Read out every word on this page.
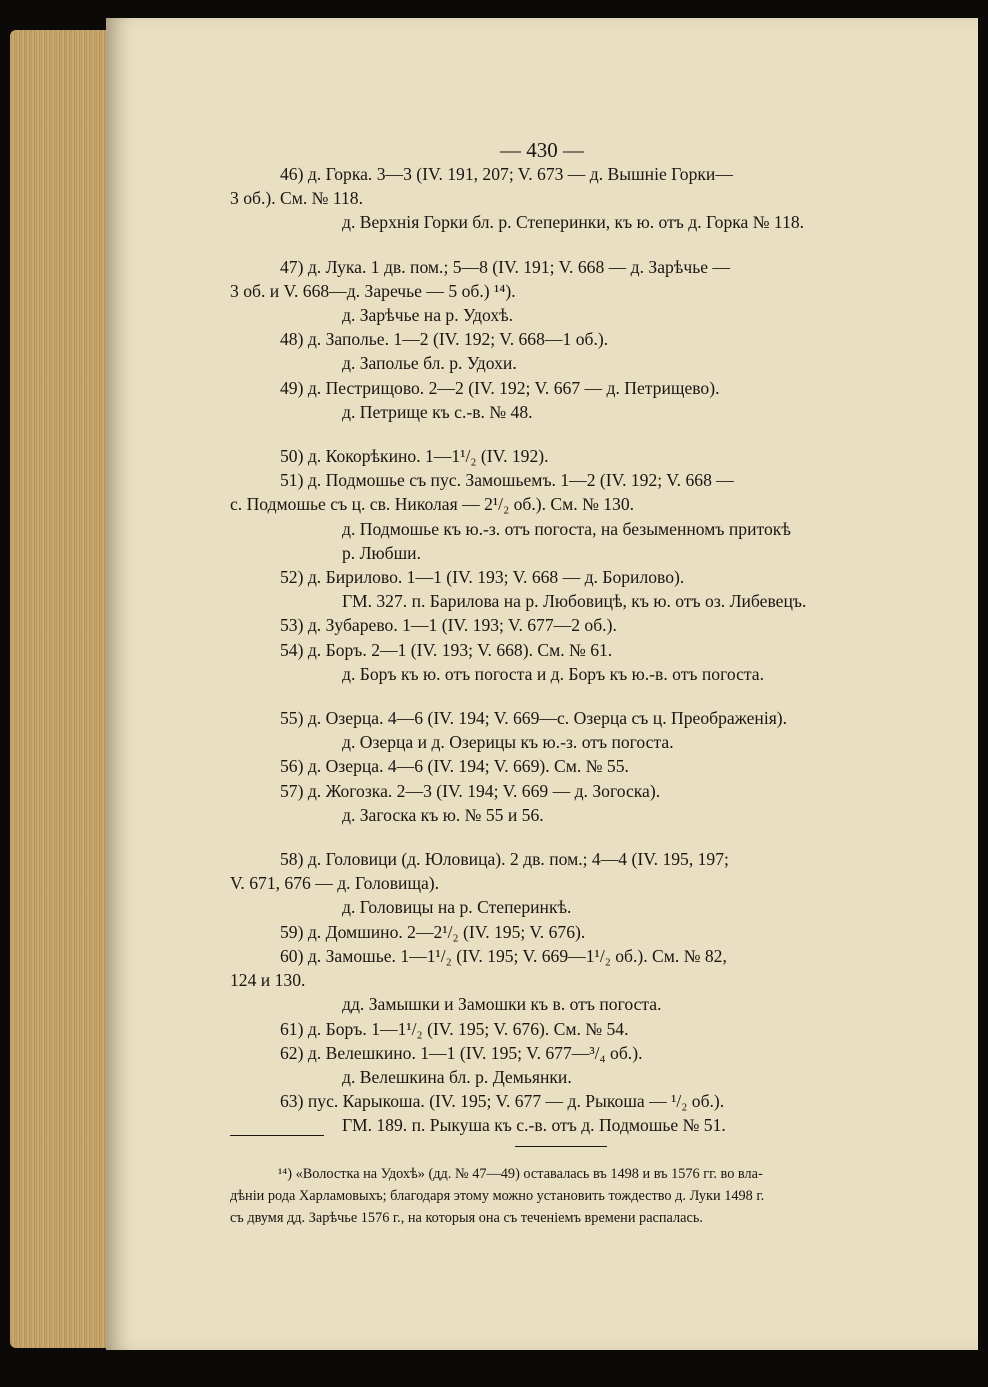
— 430 —
46) д. Горка. 3—3 (IV. 191, 207; V. 673 — д. Вышніе Горки—
3 об.). См. № 118.
д. Верхнія Горки бл. р. Степеринки, къ ю. отъ д. Горка № 118.
47) д. Лука. 1 дв. пом.; 5—8 (IV. 191; V. 668 — д. Зарѣчье —
3 об. и V. 668—д. Заречье — 5 об.) ¹⁴).
д. Зарѣчье на р. Удохѣ.
48) д. Заполье. 1—2 (IV. 192; V. 668—1 об.).
д. Заполье бл. р. Удохи.
49) д. Пестрищово. 2—2 (IV. 192; V. 667 — д. Петрищево).
д. Петрище къ с.-в. № 48.
50) д. Кокорѣкино. 1—1¹/₂ (IV. 192).
51) д. Подмошье съ пус. Замошьемъ. 1—2 (IV. 192; V. 668 —
с. Подмошье съ ц. св. Николая — 2¹/₂ об.). См. № 130.
д. Подмошье къ ю.-з. отъ погоста, на безыменномъ притокѣ
р. Любши.
52) д. Бирилово. 1—1 (IV. 193; V. 668 — д. Борилово).
ГМ. 327. п. Барилова на р. Любовицѣ, къ ю. отъ оз. Либевецъ.
53) д. Зубарево. 1—1 (IV. 193; V. 677—2 об.).
54) д. Боръ. 2—1 (IV. 193; V. 668). См. № 61.
д. Боръ къ ю. отъ погоста и д. Боръ къ ю.-в. отъ погоста.
55) д. Озерца. 4—6 (IV. 194; V. 669—с. Озерца съ ц. Преображенія).
д. Озерца и д. Озерицы къ ю.-з. отъ погоста.
56) д. Озерца. 4—6 (IV. 194; V. 669). См. № 55.
57) д. Жогозка. 2—3 (IV. 194; V. 669 — д. Зогоска).
д. Загоска къ ю. № 55 и 56.
58) д. Головици (д. Юловица). 2 дв. пом.; 4—4 (IV. 195, 197;
V. 671, 676 — д. Головища).
д. Головицы на р. Степеринкѣ.
59) д. Домшино. 2—2¹/₂ (IV. 195; V. 676).
60) д. Замошье. 1—1¹/₂ (IV. 195; V. 669—1¹/₂ об.). См. № 82,
124 и 130.
дд. Замышки и Замошки къ в. отъ погоста.
61) д. Боръ. 1—1¹/₂ (IV. 195; V. 676). См. № 54.
62) д. Велешкино. 1—1 (IV. 195; V. 677—³/₄ об.).
д. Велешкина бл. р. Демьянки.
63) пус. Карыкоша. (IV. 195; V. 677 — д. Рыкоша — ¹/₂ об.).
ГМ. 189. п. Рыкуша къ с.-в. отъ д. Подмошье № 51.
¹⁴) «Волостка на Удохѣ» (дд. № 47—49) оставалась въ 1498 и въ 1576 гг. во вла-
дѣніи рода Харламовыхъ; благодаря этому можно установить тождество д. Луки 1498 г.
съ двумя дд. Зарѣчье 1576 г., на которыя она съ теченіемъ времени распалась.
